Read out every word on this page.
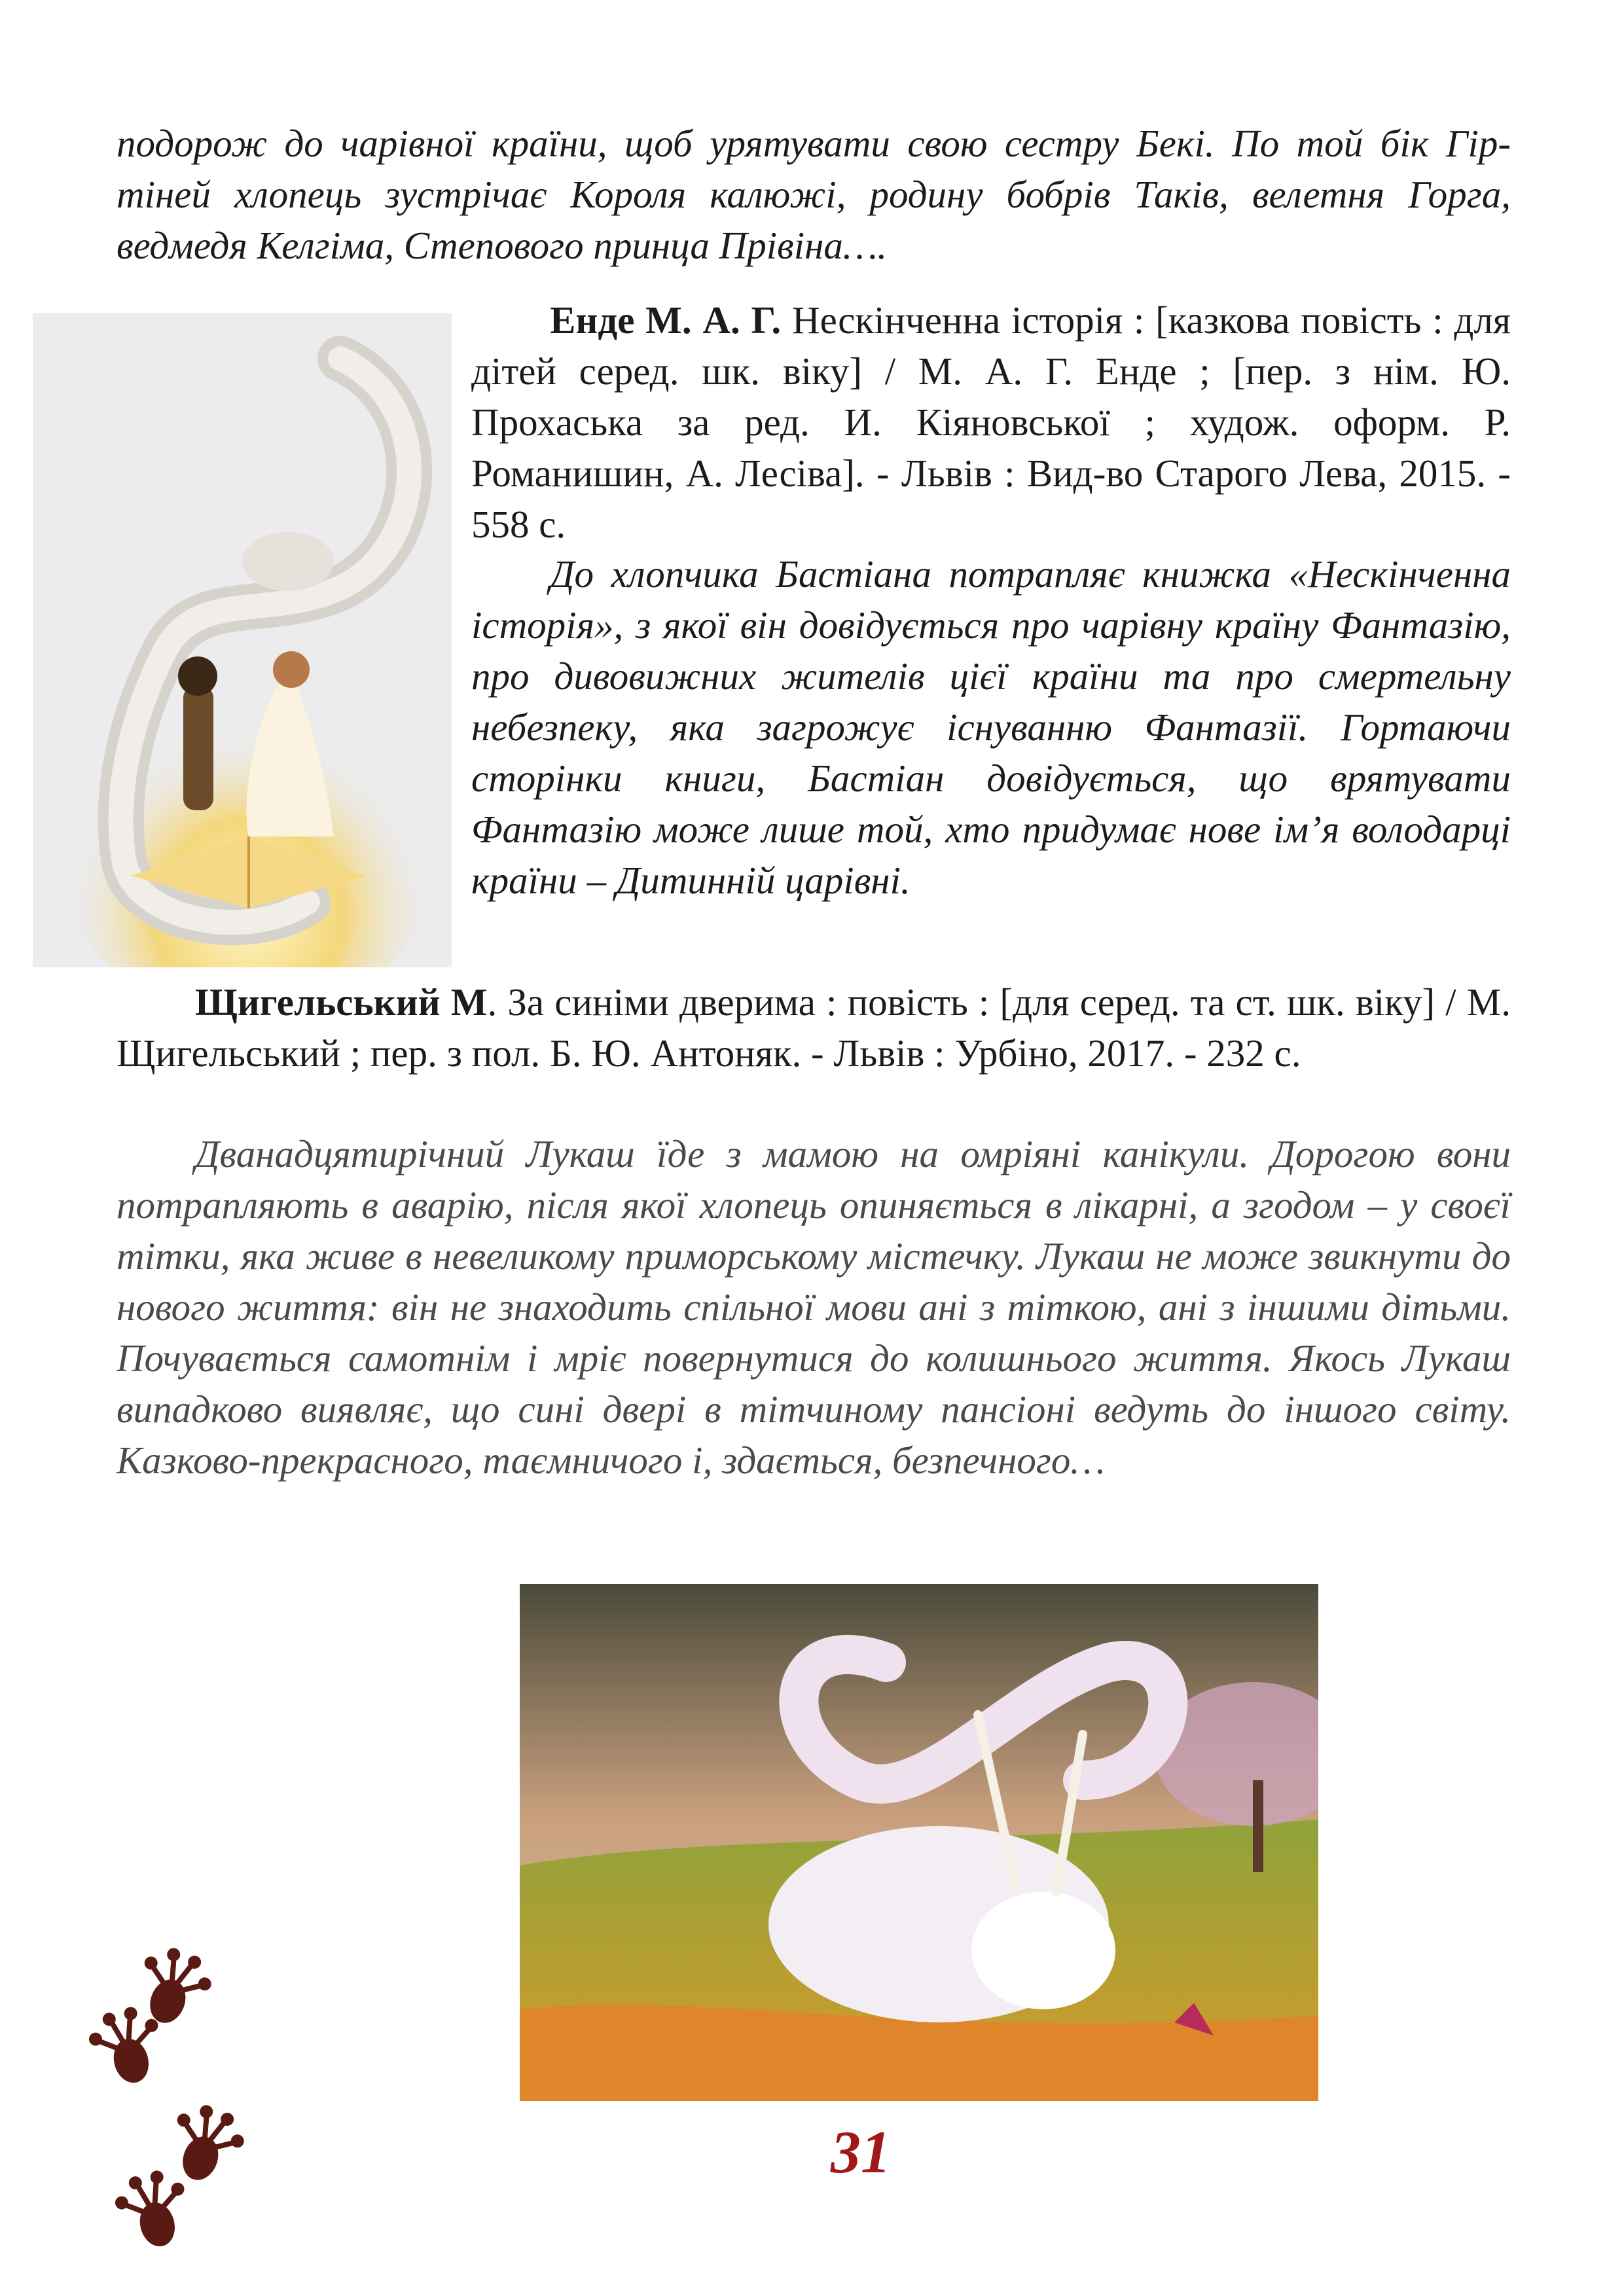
подорож до чарівної країни, щоб урятувати свою сестру Бекі. По той бік Гір-тіней хлопець зустрічає Короля калюжі, родину бобрів Таків, велетня Горга, ведмедя Келгіма, Степового принца Прівіна….

Енде М. А. Г. Нескінченна історія : [казкова повість : для дітей серед. шк. віку] / М. А. Г. Енде ; [пер. з нім. Ю. Прохаська за ред. И. Кіяновської ; худож. оформ. Р. Романишин, А. Лесіва]. - Львів : Вид-во Старого Лева, 2015. - 558 с.

До хлопчика Бастіана потрапляє книжка «Нескінченна історія», з якої він довідується про чарівну країну Фантазію, про дивовижних жителів цієї країни та про смертельну небезпеку, яка загрожує існуванню Фантазії. Гортаючи сторінки книги, Бастіан довідується, що врятувати Фантазію може лише той, хто придумає нове ім’я володарці країни – Дитинній царівні.

Щигельський М. За синіми дверима : повість : [для серед. та ст. шк. віку] / М. Щигельський ; пер. з пол. Б. Ю. Антоняк. - Львів : Урбіно, 2017. - 232 с.

Дванадцятирічний Лукаш їде з мамою на омріяні канікули. Дорогою вони потрапляють в аварію, після якої хлопець опиняється в лікарні, а згодом – у своєї тітки, яка живе в невеликому приморському містечку. Лукаш не може звикнути до нового життя: він не знаходить спільної мови ані з тіткою, ані з іншими дітьми. Почувається самотнім і мріє повернутися до колишнього життя. Якось Лукаш випадково виявляє, що сині двері в тітчиному пансіоні ведуть до іншого світу. Казково-прекрасного, таємничого і, здається, безпечного…

31
